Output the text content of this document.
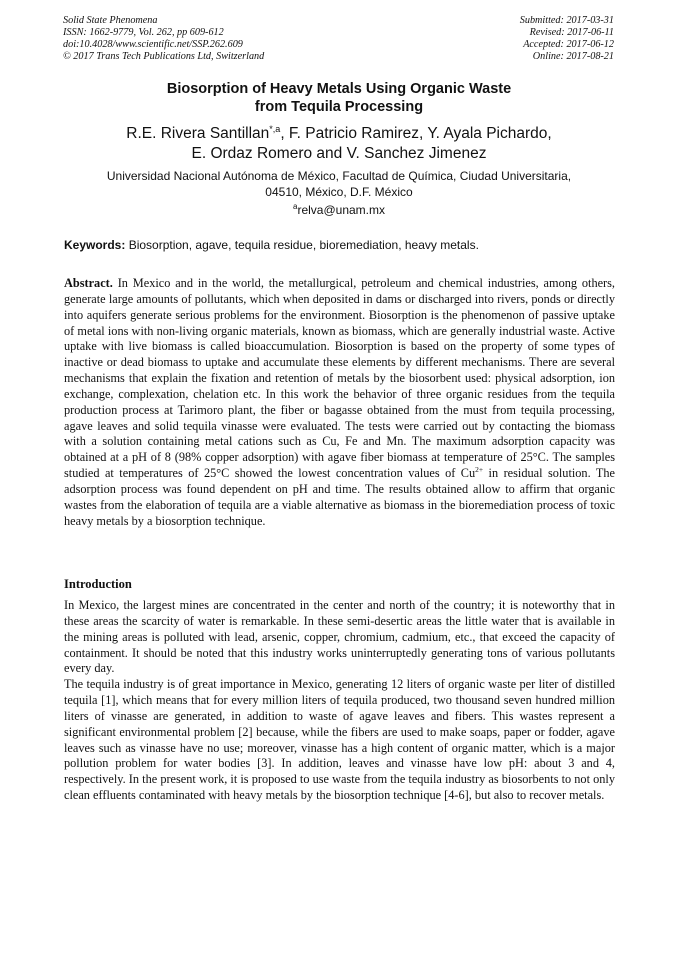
Solid State Phenomena
ISSN: 1662-9779, Vol. 262, pp 609-612
doi:10.4028/www.scientific.net/SSP.262.609
© 2017 Trans Tech Publications Ltd, Switzerland
Submitted: 2017-03-31
Revised: 2017-06-11
Accepted: 2017-06-12
Online: 2017-08-21
Biosorption of Heavy Metals Using Organic Waste
from Tequila Processing
R.E. Rivera Santillan$^{*,a}$, F. Patricio Ramirez, Y. Ayala Pichardo,
E. Ordaz Romero and V. Sanchez Jimenez
Universidad Nacional Autónoma de México, Facultad de Química, Ciudad Universitaria,
04510, México, D.F. México
$^a$relva@unam.mx
Keywords: Biosorption, agave, tequila residue, bioremediation, heavy metals.
Abstract. In Mexico and in the world, the metallurgical, petroleum and chemical industries, among others, generate large amounts of pollutants, which when deposited in dams or discharged into rivers, ponds or directly into aquifers generate serious problems for the environment. Biosorption is the phenomenon of passive uptake of metal ions with non-living organic materials, known as biomass, which are generally industrial waste. Active uptake with live biomass is called bioaccumulation. Biosorption is based on the property of some types of inactive or dead biomass to uptake and accumulate these elements by different mechanisms. There are several mechanisms that explain the fixation and retention of metals by the biosorbent used: physical adsorption, ion exchange, complexation, chelation etc. In this work the behavior of three organic residues from the tequila production process at Tarimoro plant, the fiber or bagasse obtained from the must from tequila processing, agave leaves and solid tequila vinasse were evaluated. The tests were carried out by contacting the biomass with a solution containing metal cations such as Cu, Fe and Mn. The maximum adsorption capacity was obtained at a pH of 8 (98% copper adsorption) with agave fiber biomass at temperature of 25°C. The samples studied at temperatures of 25°C showed the lowest concentration values of $Cu^{2+}$ in residual solution. The adsorption process was found dependent on pH and time. The results obtained allow to affirm that organic wastes from the elaboration of tequila are a viable alternative as biomass in the bioremediation process of toxic heavy metals by a biosorption technique.
Introduction

In Mexico, the largest mines are concentrated in the center and north of the country; it is noteworthy that in these areas the scarcity of water is remarkable. In these semi-desertic areas the little water that is available in the mining areas is polluted with lead, arsenic, copper, chromium, cadmium, etc., that exceed the capacity of containment. It should be noted that this industry works uninterruptedly generating tons of various pollutants every day.

The tequila industry is of great importance in Mexico, generating 12 liters of organic waste per liter of distilled tequila [1], which means that for every million liters of tequila produced, two thousand seven hundred million liters of vinasse are generated, in addition to waste of agave leaves and fibers. This wastes represent a significant environmental problem [2] because, while the fibers are used to make soaps, paper or fodder, agave leaves such as vinasse have no use; moreover, vinasse has a high content of organic matter, which is a major pollution problem for water bodies [3]. In addition, leaves and vinasse have low pH: about 3 and 4, respectively. In the present work, it is proposed to use waste from the tequila industry as biosorbents to not only clean effluents contaminated with heavy metals by the biosorption technique [4-6], but also to recover metals.
